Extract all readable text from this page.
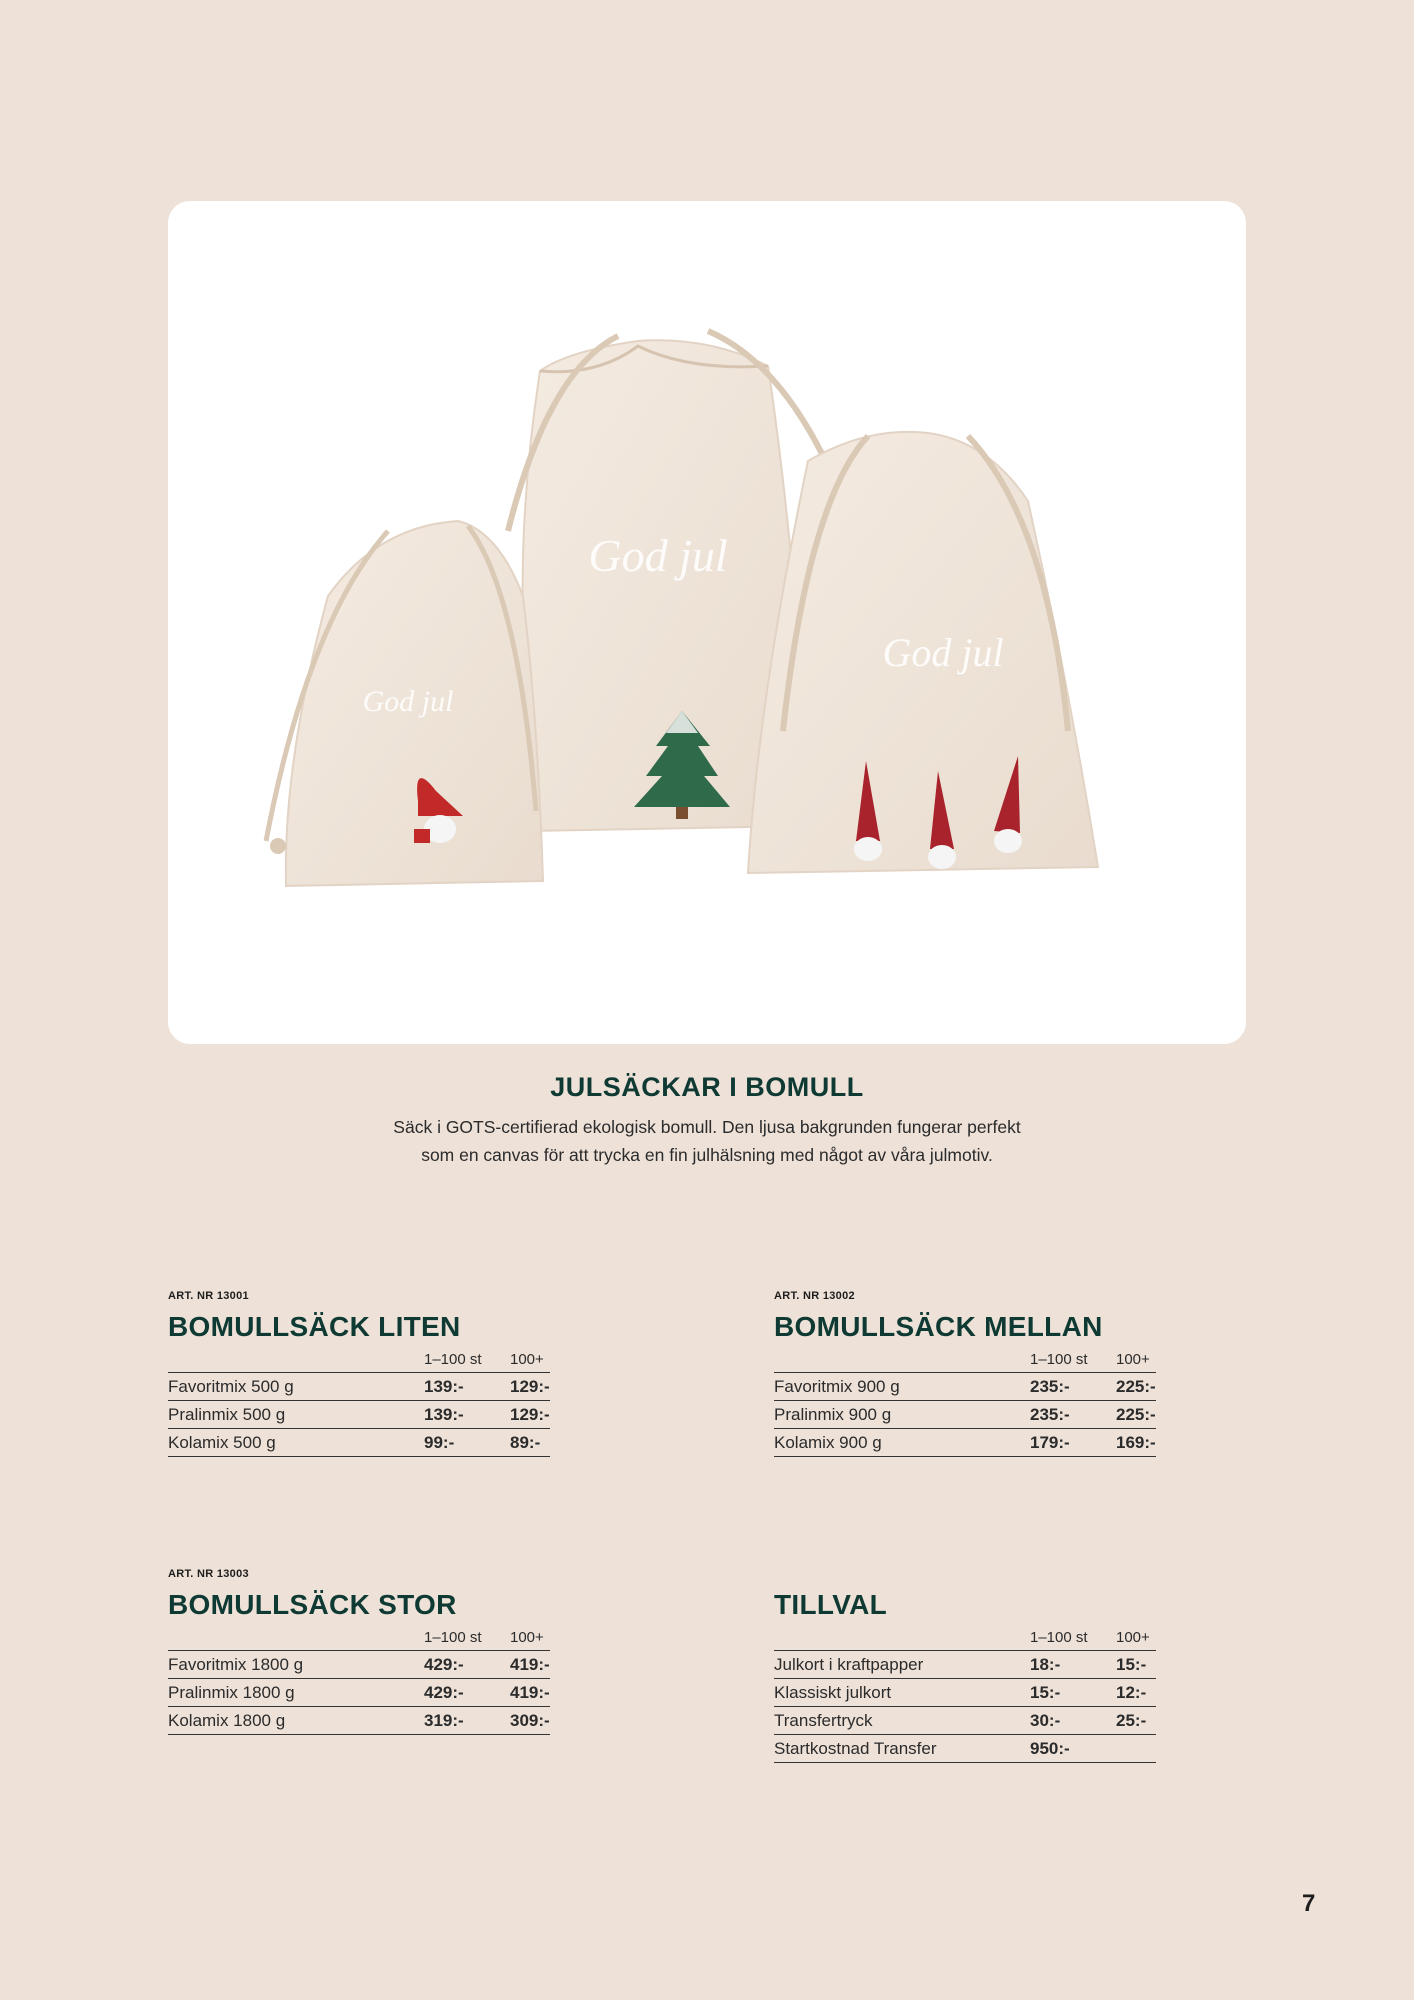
God jul
God jul
God jul
JULSÄCKAR I BOMULL

Säck i GOTS-certifierad ekologisk bomull. Den ljusa bakgrunden fungerar perfekt
som en canvas för att trycka en fin julhälsning med något av våra julmotiv.

ART. NR 13001
BOMULLSÄCK LITEN
	1–100 st	100+
Favoritmix 500 g	139:-	129:-
Pralinmix 500 g	139:-	129:-
Kolamix 500 g	99:-	89:-
ART. NR 13002
BOMULLSÄCK MELLAN
	1–100 st	100+
Favoritmix 900 g	235:-	225:-
Pralinmix 900 g	235:-	225:-
Kolamix 900 g	179:-	169:-
ART. NR 13003
BOMULLSÄCK STOR
	1–100 st	100+
Favoritmix 1800 g	429:-	419:-
Pralinmix 1800 g	429:-	419:-
Kolamix 1800 g	319:-	309:-
TILLVAL
	1–100 st	100+
Julkort i kraftpapper	18:-	15:-
Klassiskt julkort	15:-	12:-
Transfertryck	30:-	25:-
Startkostnad Transfer	950:-	
7
